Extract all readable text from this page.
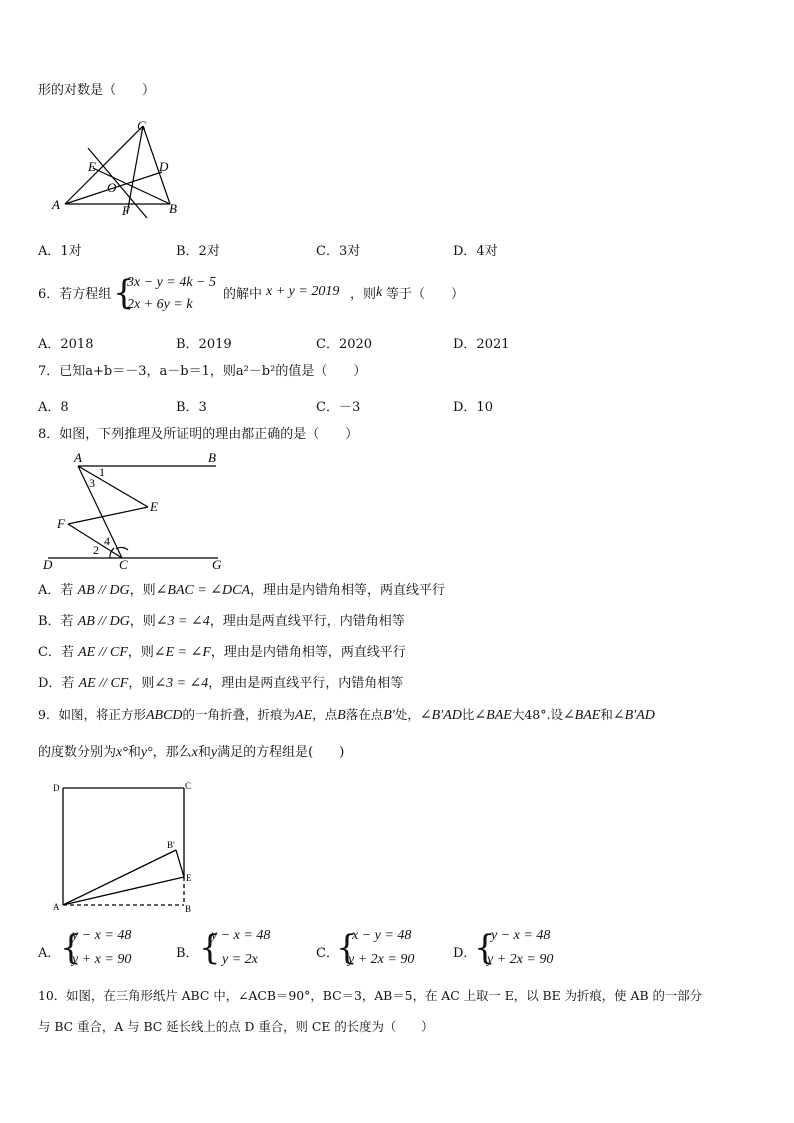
形的对数是（　　）
C
E	D
O
A	F	B
A．1对	B．2对	C．3对	D．4对
6．若方程组 {
3x − y = 4k − 5
2x + 6y = k
的解中 x + y = 2019 ，则 k 等于（　　）
A．2018	B．2019	C．2020	D．2021
7．已知a+b＝－3，a－b＝1，则a²－b²的值是（　　）
A．8	B．3	C．－3	D．10
8．如图，下列推理及所证明的理由都正确的是（　　）
A	B
1
3
E
F
4
2
D	C	G
A．若 AB // DG，则∠BAC = ∠DCA，理由是内错角相等，两直线平行
B．若 AB // DG，则∠3 = ∠4，理由是两直线平行，内错角相等
C．若 AE // CF，则∠E = ∠F，理由是内错角相等，两直线平行
D．若 AE // CF，则∠3 = ∠4，理由是两直线平行，内错角相等
9．如图，将正方形ABCD的一角折叠，折痕为AE，点B落在点B′处，∠B′AD比∠BAE大48°.设∠BAE和∠B′AD
的度数分别为x°和y°，那么x和y满足的方程组是(　　)
D	C
B'
E
A	B
A． {
y − x = 48
y + x = 90	B． {
y − x = 48
y = 2x	C．
{
x − y = 48
y + 2x = 90	D．
{
y − x = 48
y + 2x = 90
10．如图，在三角形纸片 ABC 中，∠ACB＝90°，BC＝3，AB＝5，在 AC 上取一 E，以 BE 为折痕，使 AB 的一部分
与 BC 重合，A 与 BC 延长线上的点 D 重合，则 CE 的长度为（　　）
